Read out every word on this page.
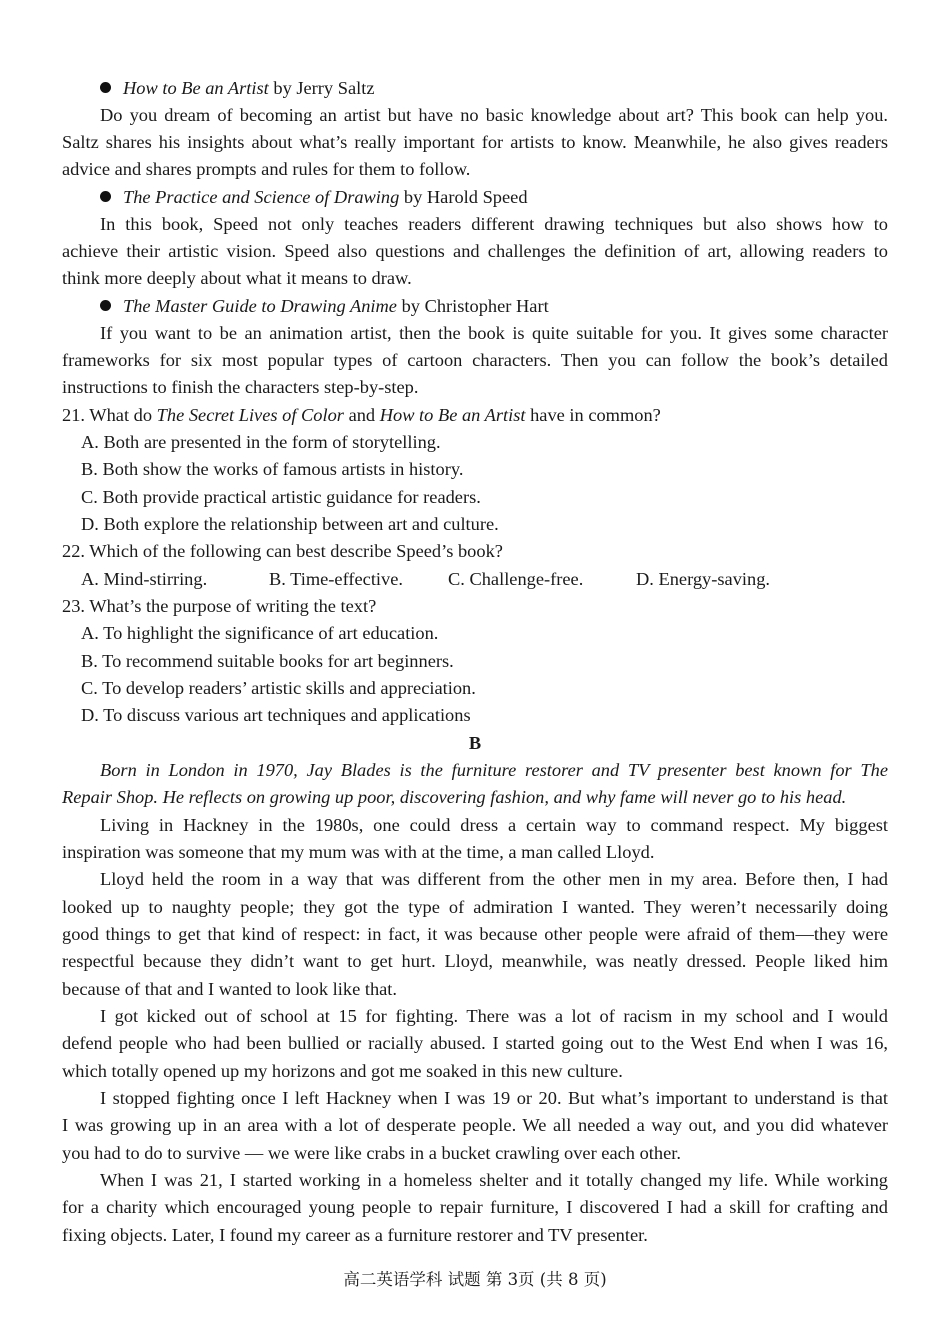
How to Be an Artist by Jerry Saltz
Do you dream of becoming an artist but have no basic knowledge about art? This book can help you.
Saltz shares his insights about what’s really important for artists to know. Meanwhile, he also gives readers
advice and shares prompts and rules for them to follow.
The Practice and Science of Drawing by Harold Speed
In this book, Speed not only teaches readers different drawing techniques but also shows how to
achieve their artistic vision. Speed also questions and challenges the definition of art, allowing readers to
think more deeply about what it means to draw.
The Master Guide to Drawing Anime by Christopher Hart
If you want to be an animation artist, then the book is quite suitable for you. It gives some character
frameworks for six most popular types of cartoon characters. Then you can follow the book’s detailed
instructions to finish the characters step-by-step.
21. What do The Secret Lives of Color and How to Be an Artist have in common?
A. Both are presented in the form of storytelling.
B. Both show the works of famous artists in history.
C. Both provide practical artistic guidance for readers.
D. Both explore the relationship between art and culture.
22. Which of the following can best describe Speed’s book?
A. Mind-stirring.	B. Time-effective. C. Challenge-free.	D. Energy-saving.
23. What’s the purpose of writing the text?
A. To highlight the significance of art education.
B. To recommend suitable books for art beginners.
C. To develop readers’ artistic skills and appreciation.
D. To discuss various art techniques and applications
B
Born in London in 1970, Jay Blades is the furniture restorer and TV presenter best known for The
Repair Shop. He reflects on growing up poor, discovering fashion, and why fame will never go to his head.
Living in Hackney in the 1980s, one could dress a certain way to command respect. My biggest
inspiration was someone that my mum was with at the time, a man called Lloyd.
Lloyd held the room in a way that was different from the other men in my area. Before then, I had
looked up to naughty people; they got the type of admiration I wanted. They weren’t necessarily doing
good things to get that kind of respect: in fact, it was because other people were afraid of them—they were
respectful because they didn’t want to get hurt. Lloyd, meanwhile, was neatly dressed. People liked him
because of that and I wanted to look like that.
I got kicked out of school at 15 for fighting. There was a lot of racism in my school and I would
defend people who had been bullied or racially abused. I started going out to the West End when I was 16,
which totally opened up my horizons and got me soaked in this new culture.
I stopped fighting once I left Hackney when I was 19 or 20. But what’s important to understand is that
I was growing up in an area with a lot of desperate people. We all needed a way out, and you did whatever
you had to do to survive — we were like crabs in a bucket crawling over each other.
When I was 21, I started working in a homeless shelter and it totally changed my life. While working
for a charity which encouraged young people to repair furniture, I discovered I had a skill for crafting and
fixing objects. Later, I found my career as a furniture restorer and TV presenter.
高二英语学科 试题 第 3页 (共 8 页)
